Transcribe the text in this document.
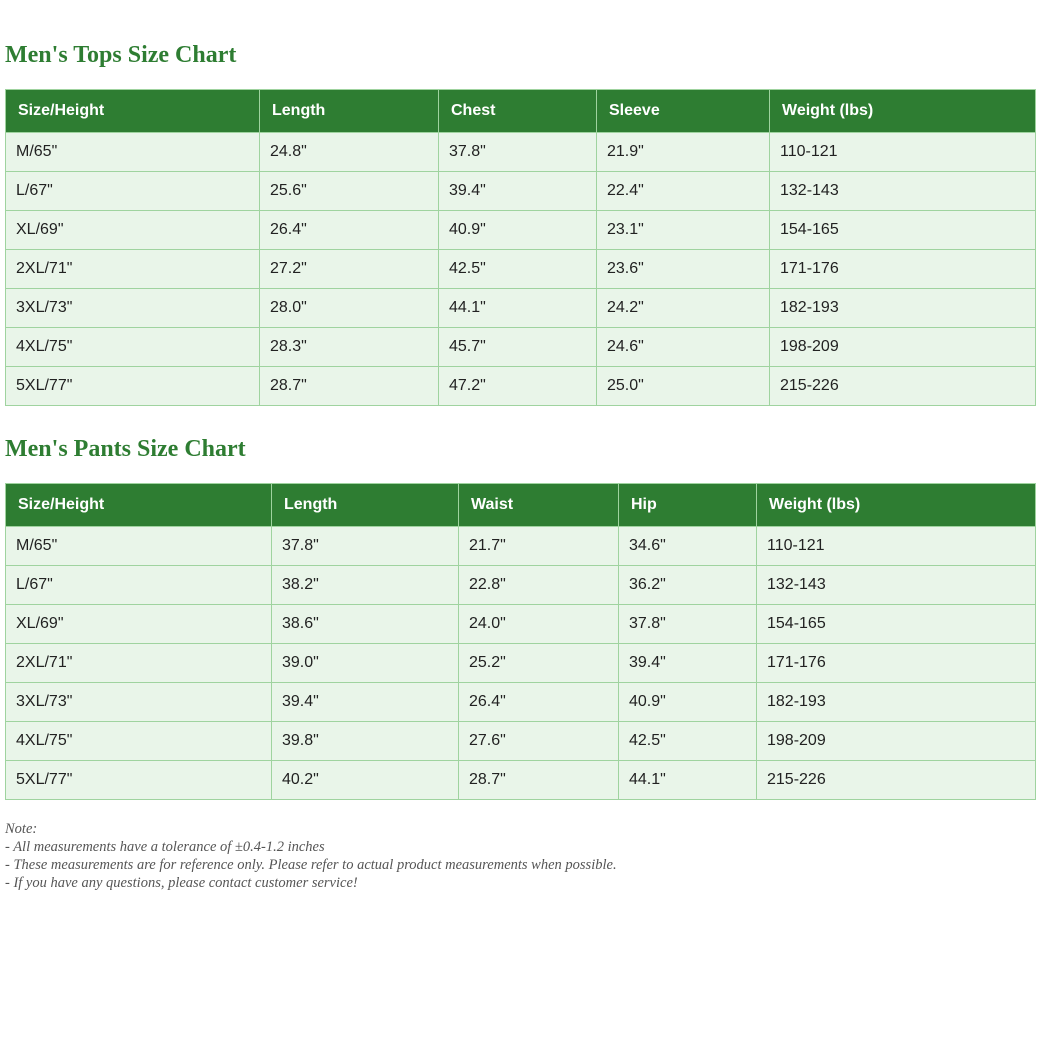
Men's Tops Size Chart
Size/Height	Length	Chest	Sleeve	Weight (lbs)
M/65"	24.8"	37.8"	21.9"	110-121
L/67"	25.6"	39.4"	22.4"	132-143
XL/69"	26.4"	40.9"	23.1"	154-165
2XL/71"	27.2"	42.5"	23.6"	171-176
3XL/73"	28.0"	44.1"	24.2"	182-193
4XL/75"	28.3"	45.7"	24.6"	198-209
5XL/77"	28.7"	47.2"	25.0"	215-226
Men's Pants Size Chart
Size/Height	Length	Waist	Hip	Weight (lbs)
M/65"	37.8"	21.7"	34.6"	110-121
L/67"	38.2"	22.8"	36.2"	132-143
XL/69"	38.6"	24.0"	37.8"	154-165
2XL/71"	39.0"	25.2"	39.4"	171-176
3XL/73"	39.4"	26.4"	40.9"	182-193
4XL/75"	39.8"	27.6"	42.5"	198-209
5XL/77"	40.2"	28.7"	44.1"	215-226
Note:
- All measurements have a tolerance of ±0.4-1.2 inches
- These measurements are for reference only. Please refer to actual product measurements when possible.
- If you have any questions, please contact customer service!
